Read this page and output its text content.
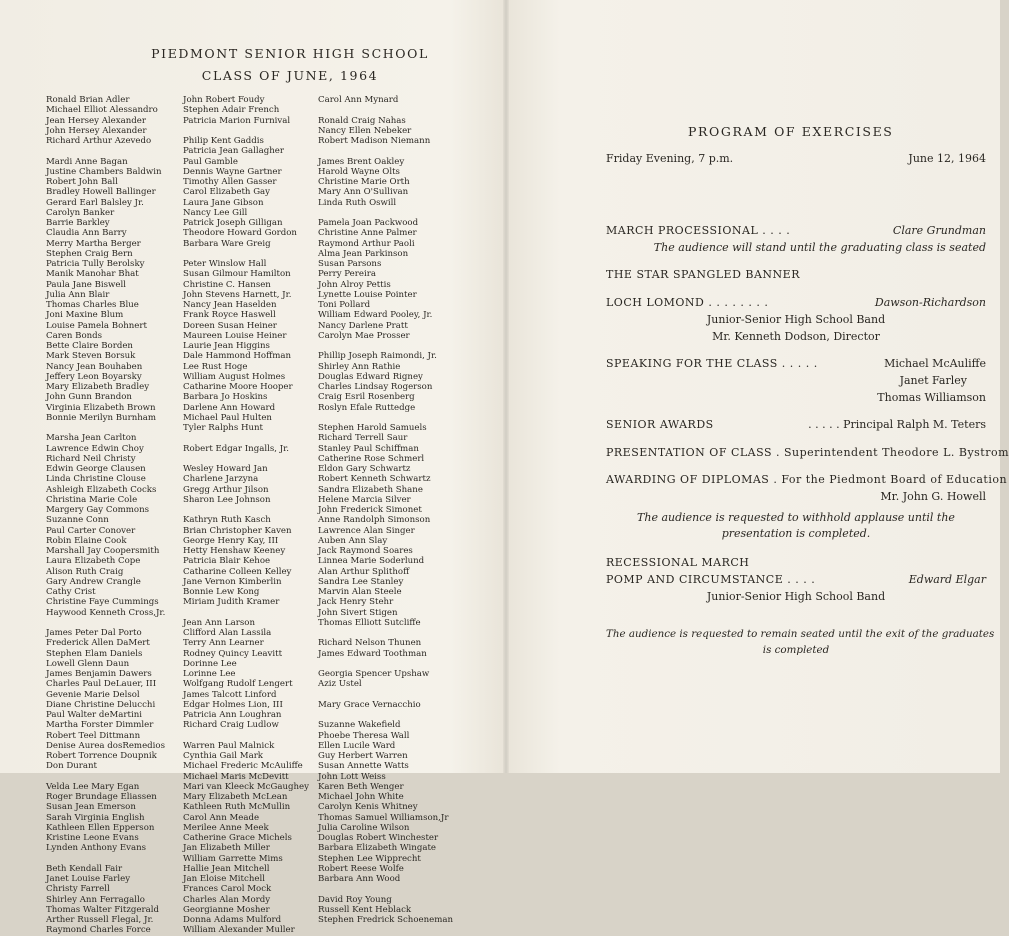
PIEDMONT SENIOR HIGH SCHOOL
CLASS OF JUNE, 1964
Ronald Brian Adler
Michael Elliot Alessandro
Jean Hersey Alexander
John Hersey Alexander
Richard Arthur Azevedo
Mardi Anne Bagan
Justine Chambers Baldwin
Robert John Ball
Bradley Howell Ballinger
Gerard Earl Balsley Jr.
Carolyn Banker
Barrie Barkley
Claudia Ann Barry
Merry Martha Berger
Stephen Craig Bern
Patricia Tully Berolsky
Manik Manohar Bhat
Paula Jane Biswell
Julia Ann Blair
Thomas Charles Blue
Joni Maxine Blum
Louise Pamela Bohnert
Caren Bonds
Bette Claire Borden
Mark Steven Borsuk
Nancy Jean Bouhaben
Jeffery Leon Boyarsky
Mary Elizabeth Bradley
John Gunn Brandon
Virginia Elizabeth Brown
Bonnie Merilyn Burnham
Marsha Jean Carlton
Lawrence Edwin Choy
Richard Neil Christy
Edwin George Clausen
Linda Christine Clouse
Ashleigh Elizabeth Cocks
Christina Marie Cole
Margery Gay Commons
Suzanne Conn
Paul Carter Conover
Robin Elaine Cook
Marshall Jay Coopersmith
Laura Elizabeth Cope
Alison Ruth Craig
Gary Andrew Crangle
Cathy Crist
Christine Faye Cummings
Haywood Kenneth Cross,Jr.
James Peter Dal Porto
Frederick Allen DaMert
Stephen Elam Daniels
Lowell Glenn Daun
James Benjamin Dawers
Charles Paul DeLauer, III
Gevenie Marie Delsol
Diane Christine Delucchi
Paul Walter deMartini
Martha Forster Dimmler
Robert Teel Dittmann
Denise Aurea dosRemedios
Robert Torrence Doupnik
Don Durant
Velda Lee Mary Egan
Roger Brundage Eliassen
Susan Jean Emerson
Sarah Virginia English
Kathleen Ellen Epperson
Kristine Leone Evans
Lynden Anthony Evans
Beth Kendall Fair
Janet Louise Farley
Christy Farrell
Shirley Ann Ferragallo
Thomas Walter Fitzgerald
Arther Russell Flegal, Jr.
Raymond Charles Force
John Robert Foudy
Stephen Adair French
Patricia Marion Furnival
Philip Kent Gaddis
Patricia Jean Gallagher
Paul Gamble
Dennis Wayne Gartner
Timothy Allen Gasser
Carol Elizabeth Gay
Laura Jane Gibson
Nancy Lee Gill
Patrick Joseph Gilligan
Theodore Howard Gordon
Barbara Ware Greig
Peter Winslow Hall
Susan Gilmour Hamilton
Christine C. Hansen
John Stevens Harnett, Jr.
Nancy Jean Haselden
Frank Royce Haswell
Doreen Susan Heiner
Maureen Louise Heiner
Laurie Jean Higgins
Dale Hammond Hoffman
Lee Rust Hoge
William August Holmes
Catharine Moore Hooper
Barbara Jo Hoskins
Darlene Ann Howard
Michael Paul Hulten
Tyler Ralphs Hunt
Robert Edgar Ingalls, Jr.
Wesley Howard Jan
Charlene Jarzyna
Gregg Arthur Jilson
Sharon Lee Johnson
Kathryn Ruth Kasch
Brian Christopher Kaven
George Henry Kay, III
Hetty Henshaw Keeney
Patricia Blair Kehoe
Catharine Colleen Kelley
Jane Vernon Kimberlin
Bonnie Lew Kong
Miriam Judith Kramer
Jean Ann Larson
Clifford Alan Lassila
Terry Ann Learner
Rodney Quincy Leavitt
Dorinne Lee
Lorinne Lee
Wolfgang Rudolf Lengert
James Talcott Linford
Edgar Holmes Lion, III
Patricia Ann Loughran
Richard Craig Ludlow
Warren Paul Malnick
Cynthia Gail Mark
Michael Frederic McAuliffe
Michael Maris McDevitt
Mari van Kleeck McGaughey
Mary Elizabeth McLean
Kathleen Ruth McMullin
Carol Ann Meade
Merilee Anne Meek
Catherine Grace Michels
Jan Elizabeth Miller
William Garrette Mims
Hallie Jean Mitchell
Jan Eloise Mitchell
Frances Carol Mock
Charles Alan Mordy
Georgianne Mosher
Donna Adams Mulford
William Alexander Muller
Carol Ann Mynard
Ronald Craig Nahas
Nancy Ellen Nebeker
Robert Madison Niemann
James Brent Oakley
Harold Wayne Olts
Christine Marie Orth
Mary Ann O'Sullivan
Linda Ruth Oswill
Pamela Joan Packwood
Christine Anne Palmer
Raymond Arthur Paoli
Alma Jean Parkinson
Susan Parsons
Perry Pereira
John Alroy Pettis
Lynette Louise Pointer
Toni Pollard
William Edward Pooley, Jr.
Nancy Darlene Pratt
Carolyn Mae Prosser
Phillip Joseph Raimondi, Jr.
Shirley Ann Rathie
Douglas Edward Rigney
Charles Lindsay Rogerson
Craig Esril Rosenberg
Roslyn Efale Ruttedge
Stephen Harold Samuels
Richard Terrell Saur
Stanley Paul Schiffman
Catherine Rose Schmerl
Eldon Gary Schwartz
Robert Kenneth Schwartz
Sandra Elizabeth Shane
Helene Marcia Silver
John Frederick Simonet
Anne Randolph Simonson
Lawrence Alan Singer
Auben Ann Slay
Jack Raymond Soares
Linnea Marie Soderlund
Alan Arthur Splithoff
Sandra Lee Stanley
Marvin Alan Steele
Jack Henry Stehr
John Sivert Stigen
Thomas Elliott Sutcliffe
Richard Nelson Thunen
James Edward Toothman
Georgia Spencer Upshaw
Aziz Ustel
Mary Grace Vernacchio
Suzanne Wakefield
Phoebe Theresa Wall
Ellen Lucile Ward
Guy Herbert Warren
Susan Annette Watts
John Lott Weiss
Karen Beth Wenger
Michael John White
Carolyn Kenis Whitney
Thomas Samuel Williamson,Jr
Julia Caroline Wilson
Douglas Robert Winchester
Barbara Elizabeth Wingate
Stephen Lee Wipprecht
Robert Reese Wolfe
Barbara Ann Wood
David Roy Young
Russell Kent Heblack
Stephen Fredrick Schoeneman
PROGRAM OF EXERCISES
Friday Evening, 7 p.m.	June 12, 1964
MARCH PROCESSIONAL . . . .	Clare Grundman
The audience will stand until the graduating class is seated
THE STAR SPANGLED BANNER
LOCH LOMOND . . . . . . . .	Dawson-Richardson
Junior-Senior High School Band
Mr. Kenneth Dodson, Director
SPEAKING FOR THE CLASS . . . . .	Michael McAuliffe
Janet Farley
Thomas Williamson
SENIOR AWARDS	. . . . . Principal Ralph M. Teters
PRESENTATION OF CLASS . Superintendent Theodore L. Bystrom
AWARDING OF DIPLOMAS . For the Piedmont Board of Education
Mr. John G. Howell
The audience is requested to withhold applause until the
presentation is completed.
RECESSIONAL MARCH
POMP AND CIRCUMSTANCE . . . .	Edward Elgar
Junior-Senior High School Band
The audience is requested to remain seated until the exit of the graduates
is completed
